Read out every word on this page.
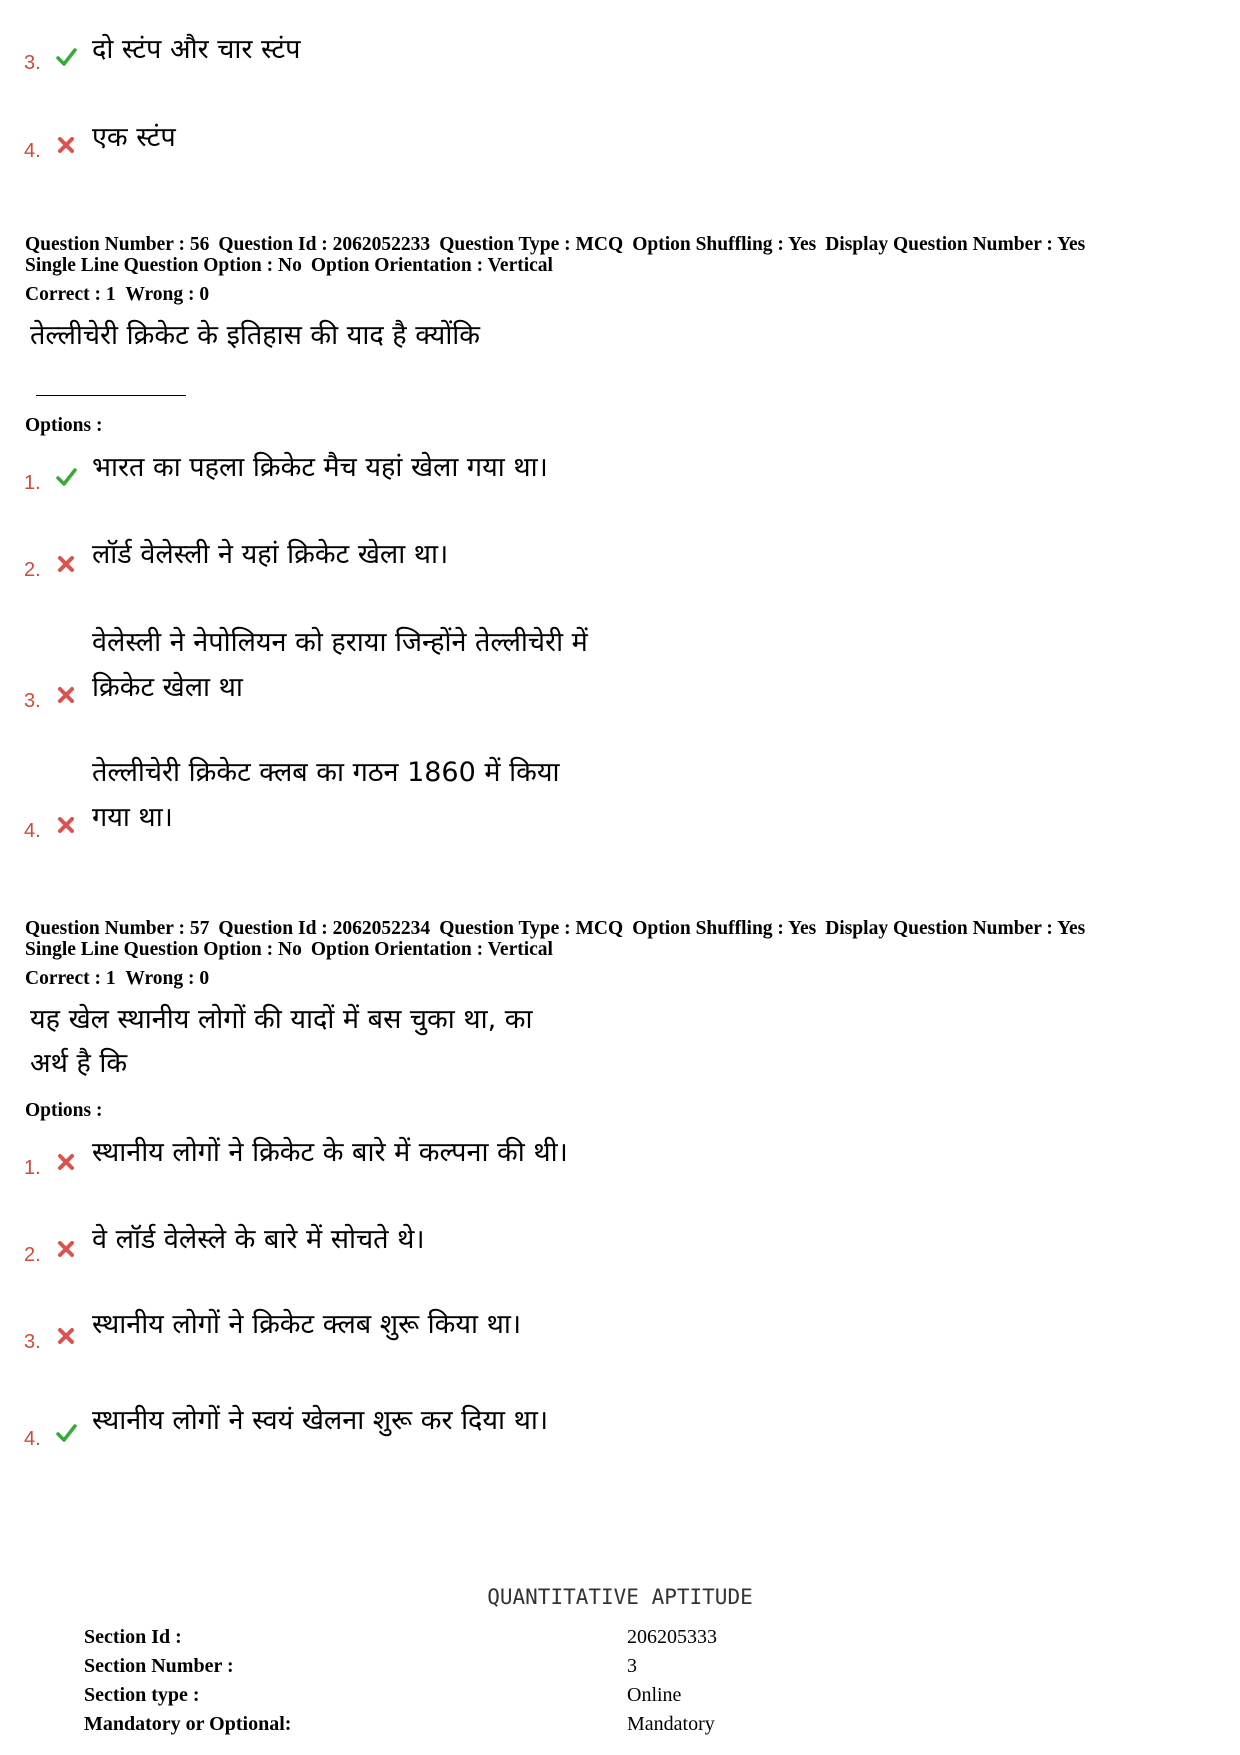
3. दो स्टंप और चार स्टंप
4. एक स्टंप
Question Number : 56 Question Id : 2062052233 Question Type : MCQ Option Shuffling : Yes Display Question Number : Yes
Single Line Question Option : No Option Orientation : Vertical
Correct : 1 Wrong : 0
तेल्लीचेरी क्रिकेट के इतिहास की याद है क्योंकि
Options :
1. भारत का पहला क्रिकेट मैच यहां खेला गया था।
2. लॉर्ड वेलेस्ली ने यहां क्रिकेट खेला था।
3.
वेलेस्ली ने नेपोलियन को हराया जिन्होंने तेल्लीचेरी में
क्रिकेट खेला था
4.
तेल्लीचेरी क्रिकेट क्लब का गठन 1860 में किया
गया था।
Question Number : 57 Question Id : 2062052234 Question Type : MCQ Option Shuffling : Yes Display Question Number : Yes
Single Line Question Option : No Option Orientation : Vertical
Correct : 1 Wrong : 0
यह खेल स्थानीय लोगों की यादों में बस चुका था, का
अर्थ है कि
Options :
1. स्थानीय लोगों ने क्रिकेट के बारे में कल्पना की थी।
2. वे लॉर्ड वेलेस्ले के बारे में सोचते थे।
3.
स्थानीय लोगों ने क्रिकेट क्लब शुरू किया था।
4.
स्थानीय लोगों ने स्वयं खेलना शुरू कर दिया था।
QUANTITATIVE APTITUDE
Section Id :	206205333
Section Number :	3
Section type :	Online
Mandatory or Optional:	Mandatory
